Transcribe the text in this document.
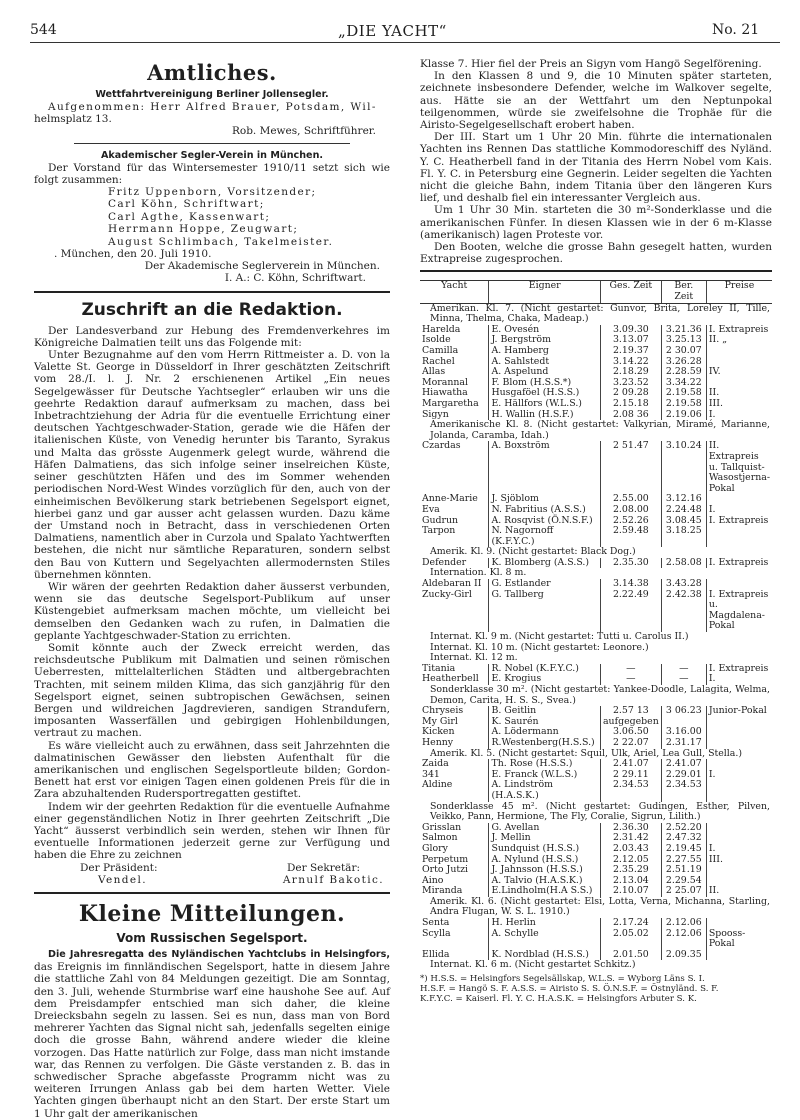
544	„DIE YACHT“	No. 21
Amtliches.
Wettfahrtvereinigung Berliner Jollensegler.

Aufgenommen: Herr Alfred Brauer, Potsdam, Wil-

helmsplatz 13.

Rob. Mewes, Schriftführer.

Akademischer Segler-Verein in München.

Der Vorstand für das Wintersemester 1910/11 setzt sich wie folgt zusammen:

Fritz Uppenborn, Vorsitzender;
Carl Köhn, Schriftwart;
Carl Agthe, Kassenwart;
Herrmann Hoppe, Zeugwart;
August Schlimbach, Takelmeister.

. München, den 20. Juli 1910.

Der Akademische Seglerverein in München.

I. A.: C. Köhn, Schriftwart.

Zuschrift an die Redaktion.

Der Landesverband zur Hebung des Fremdenverkehres im Königreiche Dalmatien teilt uns das Folgende mit:

Unter Bezugnahme auf den vom Herrn Rittmeister a. D. von la Valette St. George in Düsseldorf in Ihrer geschätzten Zeitschrift vom 28./I. l. J. Nr. 2 erschienenen Artikel „Ein neues Segelgewässer für Deutsche Yachtsegler“ erlauben wir uns die geehrte Redaktion darauf aufmerksam zu machen, dass bei Inbetrachtziehung der Adria für die eventuelle Errichtung einer deutschen Yachtgeschwader-Station, gerade wie die Häfen der italienischen Küste, von Venedig herunter bis Taranto, Syrakus und Malta das grösste Augenmerk gelegt wurde, während die Häfen Dalmatiens, das sich infolge seiner inselreichen Küste, seiner geschützten Häfen und des im Sommer wehenden periodischen Nord-West Windes vorzüglich für den, auch von der einheimischen Bevölkerung stark betriebenen Segelsport eignet, hierbei ganz und gar ausser acht gelassen wurden. Dazu käme der Umstand noch in Betracht, dass in verschiedenen Orten Dalmatiens, namentlich aber in Curzola und Spalato Yachtwerften bestehen, die nicht nur sämtliche Reparaturen, sondern selbst den Bau von Kuttern und Segelyachten allermodernsten Stiles übernehmen könnten.

Wir wären der geehrten Redaktion daher äusserst verbunden, wenn sie das deutsche Segelsport-Publikum auf unser Küstengebiet aufmerksam machen möchte, um vielleicht bei demselben den Gedanken wach zu rufen, in Dalmatien die geplante Yachtgeschwader-Station zu errichten.

Somit könnte auch der Zweck erreicht werden, das reichsdeutsche Publikum mit Dalmatien und seinen römischen Ueberresten, mittelalterlichen Städten und altbergebrachten Trachten, mit seinem milden Klima, das sich ganzjährig für den Segelsport eignet, seinen subtropischen Gewächsen, seinen Bergen und wildreichen Jagdrevieren, sandigen Strandufern, imposanten Wasserfällen und gebirgigen Hohlenbildungen, vertraut zu machen.

Es wäre vielleicht auch zu erwähnen, dass seit Jahrzehnten die dalmatinischen Gewässer den liebsten Aufenthalt für die amerikanischen und englischen Segelsportleute bilden; Gordon-Benett hat erst vor einigen Tagen einen goldenen Preis für die in Zara abzuhaltenden Rudersportregatten gestiftet.

Indem wir der geehrten Redaktion für die eventuelle Aufnahme einer gegenständlichen Notiz in Ihrer geehrten Zeitschrift „Die Yacht“ äusserst verbindlich sein werden, stehen wir Ihnen für eventuelle Informationen jederzeit gerne zur Verfügung und haben die Ehre zu zeichnen

Der Präsident:	Der Sekretär:
Vendel.	Arnulf Bakotic.
Kleine Mitteilungen.
Vom Russischen Segelsport.

Die Jahresregatta des Nyländischen Yachtclubs in Helsingfors, das Ereignis im finnländischen Segelsport, hatte in diesem Jahre die stattliche Zahl von 84 Meldungen gezeitigt. Die am Sonntag, den 3. Juli, wehende Sturmbrise warf eine haushohe See auf. Auf dem Preisdampfer entschied man sich daher, die kleine Dreiecksbahn segeln zu lassen. Sei es nun, dass man von Bord mehrerer Yachten das Signal nicht sah, jedenfalls segelten einige doch die grosse Bahn, während andere wieder die kleine vorzogen. Das Hatte natürlich zur Folge, dass man nicht imstande war, das Rennen zu verfolgen. Die Gäste verstanden z. B. das in schwedischer Sprache abgefasste Programm nicht was zu weiteren Irrungen Anlass gab bei dem harten Wetter. Viele Yachten gingen überhaupt nicht an den Start. Der erste Start um 1 Uhr galt der amerikanischen

Klasse 7. Hier fiel der Preis an Sigyn vom Hangö Segelförening.

In den Klassen 8 und 9, die 10 Minuten später starteten, zeichnete insbesondere Defender, welche im Walkover segelte, aus. Hätte sie an der Wettfahrt um den Neptunpokal teilgenommen, würde sie zweifelsohne die Trophäe für die Airisto-Segelgesellschaft erobert haben.

Der III. Start um 1 Uhr 20 Min. führte die internationalen Yachten ins Rennen Das stattliche Kommodoreschiff des Nyländ. Y. C. Heatherbell fand in der Titania des Herrn Nobel vom Kais. Fl. Y. C. in Petersburg eine Gegnerin. Leider segelten die Yachten nicht die gleiche Bahn, indem Titania über den längeren Kurs lief, und deshalb fiel ein interessanter Vergleich aus.

Um 1 Uhr 30 Min. starteten die 30 m²-Sonderklasse und die amerikanischen Fünfer. In diesen Klassen wie in der 6 m-Klasse (amerikanisch) lagen Proteste vor.

Den Booten, welche die grosse Bahn gesegelt hatten, wurden Extrapreise zugesprochen.

Yacht	Eigner	Ges. Zeit	Ber. Zeit	Preise
Amerikan. Kl. 7. (Nicht gestartet: Gunvor, Brita, Loreley II, Tille, Minna, Thelma, Chaka, Madeap.)				
Harelda	E. Ovesén	3.09.30	3.21.36	I. Extrapreis
Isolde	J. Bergström	3.13.07	3.25.13	II. „
Camilla	A. Hamberg	2.19.37	2 30.07	
Rachel	A. Sahlstedt	3.14.22	3.26.28	
Allas	A. Aspelund	2.18.29	2.28.59	IV.
Morannal	F. Blom (H.S.S.*)	3.23.52	3.34.22	
Hiawatha	Husgaföel (H.S.S.)	2 09.28	2.19.58	II.
Margaretha	E. Hällfors (W.L.S.)	2.15.18	2.19.58	III.
Sigyn	H. Wallin (H.S.F.)	2.08 36	2.19.06	I.
Amerikanische Kl. 8. (Nicht gestartet: Valkyrian, Miramé, Marianne, Jolanda, Caramba, Idah.)				
Czardas	A. Boxström	2 51.47	3.10.24	II. Extrapreis u. Tallquist-Wasostjerna-Pokal
Anne-Marie	J. Sjöblom	2.55.00	3.12.16	
Eva	N. Fabritius (A.S.S.)	2.08.00	2.24.48	I.
Gudrun	A. Rosqvist (Ö.N.S.F.)	2.52.26	3.08.45	I. Extrapreis
Tarpon	N. Nagornoff (K.F.Y.C.)	2.59.48	3.18.25	
Amerik. Kl. 9. (Nicht gestartet: Black Dog.)				
Defender	K. Blomberg (A.S.S.)	2.35.30	2.58.08	I. Extrapreis
Internation. Kl. 8 m.				
Aldebaran II	G. Estlander	3.14.38	3.43.28	
Zucky-Girl	G. Tallberg	2.22.49	2.42.38	I. Extrapreis u. Magdalena-Pokal
Internat. Kl. 9 m. (Nicht gestartet: Tutti u. Carolus II.)				
Internat. Kl. 10 m. (Nicht gestartet: Leonore.)				
Internat. Kl. 12 m.				
Titania	R. Nobel (K.F.Y.C.)	—	—	I. Extrapreis
Heatherbell	E. Krogius	—	—	I.
Sonderklasse 30 m². (Nicht gestartet: Yankee-Doodle, Lalagita, Welma, Demon, Carita, H. S. S., Svea.)				
Chryseis	B. Geitlin	2.57 13	3 06.23	Junior-Pokal
My Girl	K. Saurén	aufgegeben		
Kicken	A. Lödermann	3.06.50	3.16.00	
Henny	R.Westenberg(H.S.S.)	2 22.07	2.31.17	
Amerik. Kl. 5. (Nicht gestartet: Squil, Ulk, Ariel, Lea Gull, Stella.)				
Zaida	Th. Rose (H.S.S.)	2.41.07	2.41.07	
341	E. Franck (W.L.S.)	2 29.11	2.29.01	I.
Aldine	A. Lindström (H.A.S.K.)	2.34.53	2.34.53	
Sonderklasse 45 m². (Nicht gestartet: Gudingen, Esther, Pilven, Veikko, Pann, Hermione, The Fly, Coralie, Sigrun, Lilith.)				
Grisslan	G. Avellan	2.36.30	2.52.20	
Salmon	J. Mellin	2.31.42	2.47.32	
Glory	Sundquist (H.S.S.)	2.03.43	2.19.45	I.
Perpetum	A. Nylund (H.S.S.)	2.12.05	2.27.55	III.
Orto Jutzi	J. Jahnsson (H.S.S.)	2.35.29	2.51.19	
Aino	A. Talvio (H.A.S.K.)	2.13.04	2.29.54	
Miranda	E.Lindholm(H.A S.S.)	2.10.07	2 25.07	II.
Amerik. Kl. 6. (Nicht gestartet: Elsi, Lotta, Verna, Michanna, Starling, Andra Flugan, W. S. L. 1910.)				
Senta	H. Herlin	2.17.24	2.12.06	
Scylla	A. Schylle	2.05.02	2.12.06	Spooss-Pokal
Ellida	K. Nordblad (H.S.S.)	2.01.50	2.09.35	
Internat. Kl. 6 m. (Nicht gestartet Schkitz.)				
*) H.S.S. = Helsingfors Segelsällskap, W.L.S. = Wyborg Läns S. I.
H.S.F. = Hangö S. F. A.S.S. = Airisto S. S. Ö.N.S.F. = Östnyländ. S. F.
K.F.Y.C. = Kaiserl. Fl. Y. C. H.A.S.K. = Helsingfors Arbuter S. K.
